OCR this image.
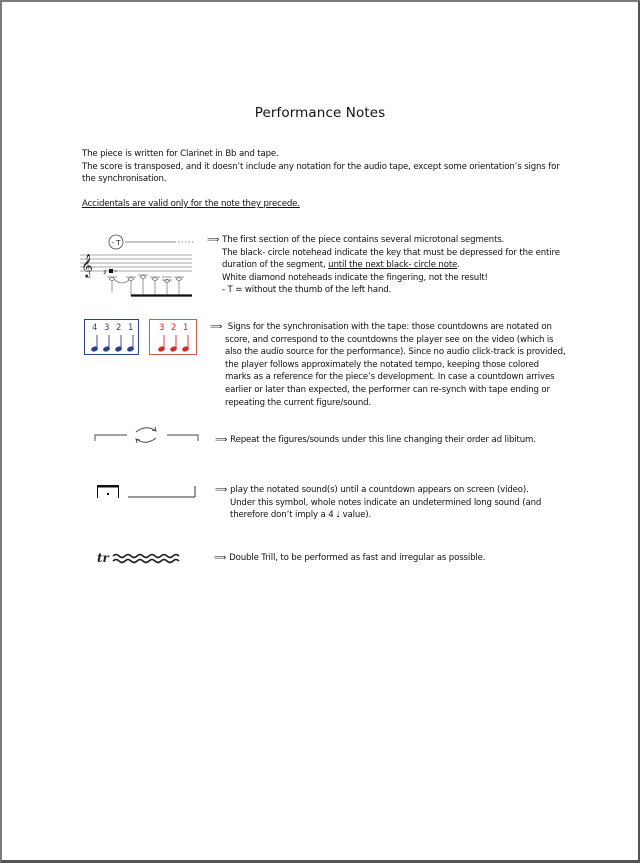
Performance Notes
The piece is written for Clarinet in Bb and tape.
The score is transposed, and it doesn’t include any notation for the audio tape, except some orientation’s signs for
the synchronisation.
Accidentals are valid only for the note they precede.
- T
𝄞 ♯
⟹ The first section of the piece contains several microtonal segments.
The black- circle notehead indicate the key that must be depressed for the entire
duration of the segment, until the next black- circle note.
White diamond noteheads indicate the fingering, not the result!
- T = without the thumb of the left hand.
4 3 2 1	3 2 1	⟹ Signs for the synchronisation with the tape: those countdowns are notated on
score, and correspond to the countdowns the player see on the video (which is
also the audio source for the performance). Since no audio click-track is provided,
the player follows approximately the notated tempo, keeping those colored
marks as a reference for the piece’s development. In case a countdown arrives
earlier or later than expected, the performer can re-synch with tape ending or
repeating the current figure/sound.
⟹ Repeat the figures/sounds under this line changing their order ad libitum.
⟹ play the notated sound(s) until a countdown appears on screen (video).
Under this symbol, whole notes indicate an undetermined long sound (and
therefore don’t imply a 4 ♩ value).
tr	⟹ Double Trill, to be performed as fast and irregular as possible.
